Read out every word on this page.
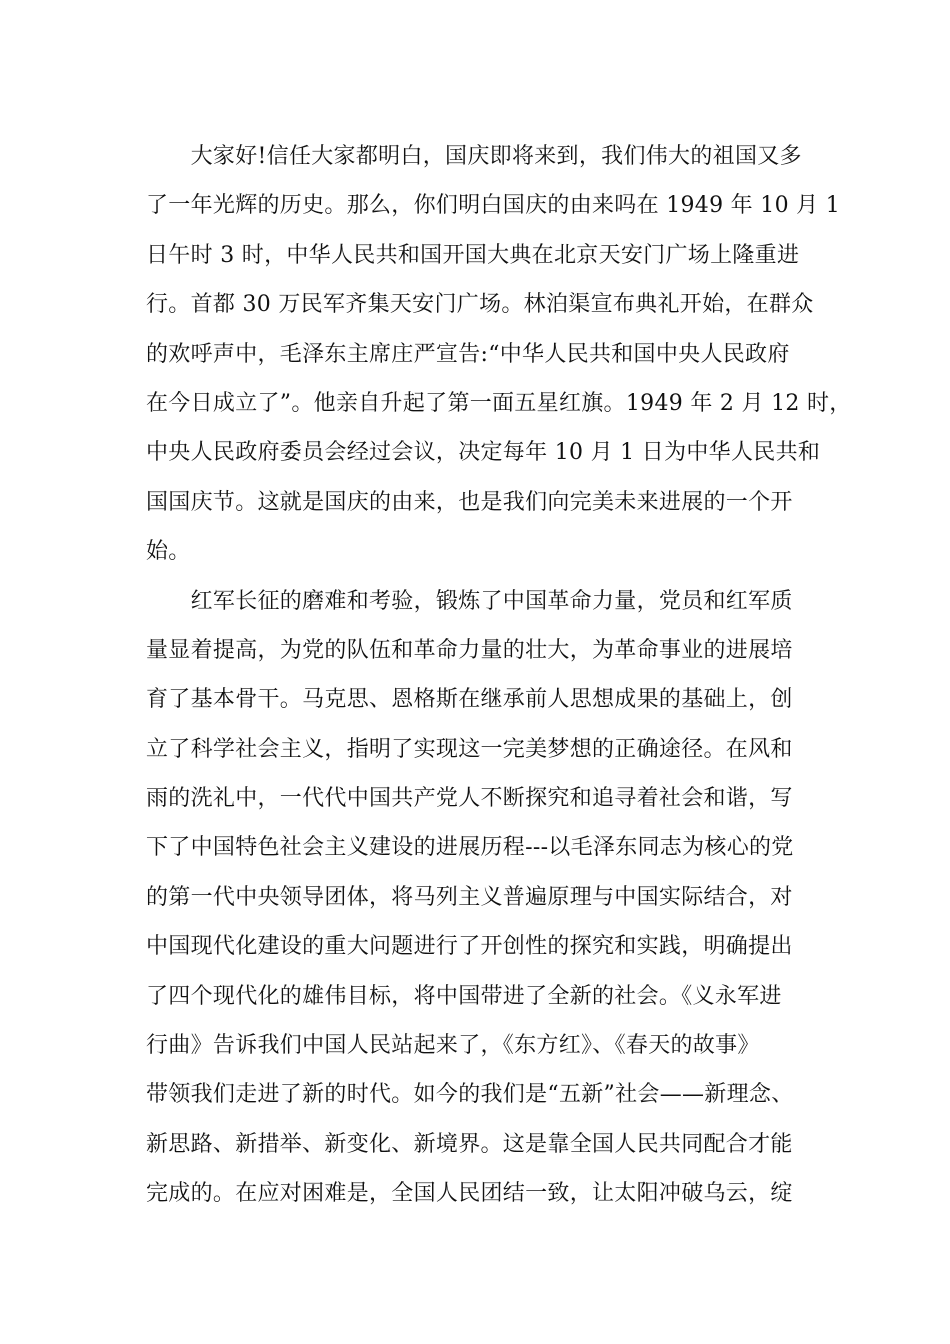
　　大家好!信任大家都明白，国庆即将来到，我们伟大的祖国又多
了一年光辉的历史。那么，你们明白国庆的由来吗在 1949 年 10 月 1
日午时 3 时，中华人民共和国开国大典在北京天安门广场上隆重进
行。首都 30 万民军齐集天安门广场。林泊渠宣布典礼开始，在群众
的欢呼声中，毛泽东主席庄严宣告:“中华人民共和国中央人民政府
在今日成立了”。他亲自升起了第一面五星红旗。1949 年 2 月 12 时，
中央人民政府委员会经过会议，决定每年 10 月 1 日为中华人民共和
国国庆节。这就是国庆的由来，也是我们向完美未来进展的一个开
始。
　　红军长征的磨难和考验，锻炼了中国革命力量，党员和红军质
量显着提高，为党的队伍和革命力量的壮大，为革命事业的进展培
育了基本骨干。马克思、恩格斯在继承前人思想成果的基础上，创
立了科学社会主义，指明了实现这一完美梦想的正确途径。在风和
雨的洗礼中，一代代中国共产党人不断探究和追寻着社会和谐，写
下了中国特色社会主义建设的进展历程---以毛泽东同志为核心的党
的第一代中央领导团体，将马列主义普遍原理与中国实际结合，对
中国现代化建设的重大问题进行了开创性的探究和实践，明确提出
了四个现代化的雄伟目标，将中国带进了全新的社会。《义永军进
行曲》告诉我们中国人民站起来了，《东方红》、《春天的故事》
带领我们走进了新的时代。如今的我们是“五新”社会——新理念、
新思路、新措举、新变化、新境界。这是靠全国人民共同配合才能
完成的。在应对困难是，全国人民团结一致，让太阳冲破乌云，绽
